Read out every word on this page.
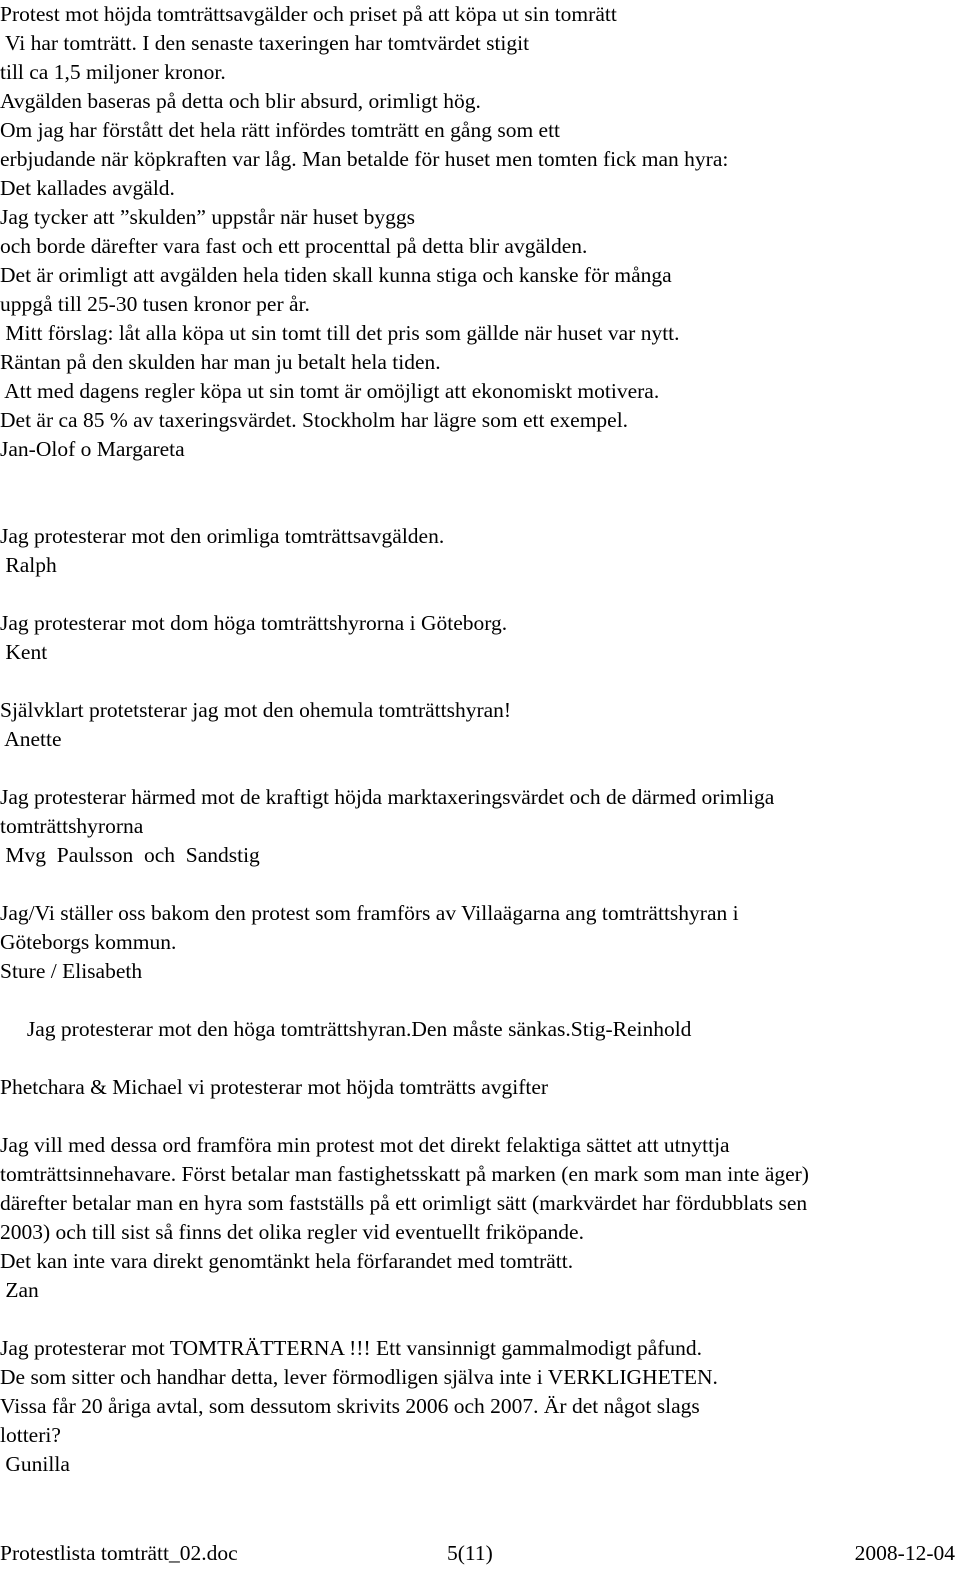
Protest mot höjda tomträttsavgälder och priset på att köpa ut sin tomrätt
Vi har tomträtt. I den senaste taxeringen har tomtvärdet stigit
till ca 1,5 miljoner kronor.
Avgälden baseras på detta och blir absurd, orimligt hög.
Om jag har förstått det hela rätt infördes tomträtt en gång som ett
erbjudande när köpkraften var låg. Man betalde för huset men tomten fick man hyra:
Det kallades avgäld.
Jag tycker att ”skulden” uppstår när huset byggs
och borde därefter vara fast och ett procenttal på detta blir avgälden.
Det är orimligt att avgälden hela tiden skall kunna stiga och kanske för många
uppgå till 25-30 tusen kronor per år.
Mitt förslag: låt alla köpa ut sin tomt till det pris som gällde när huset var nytt.
Räntan på den skulden har man ju betalt hela tiden.
Att med dagens regler köpa ut sin tomt är omöjligt att ekonomiskt motivera.
Det är ca 85 % av taxeringsvärdet. Stockholm har lägre som ett exempel.
Jan-Olof o Margareta
Jag protesterar mot den orimliga tomträttsavgälden.
Ralph
Jag protesterar mot dom höga tomträttshyrorna i Göteborg.
Kent
Självklart protetsterar jag mot den ohemula tomträttshyran!
Anette
Jag protesterar härmed mot de kraftigt höjda marktaxeringsvärdet och de därmed orimliga
tomträttshyrorna
Mvg  Paulsson  och  Sandstig
Jag/Vi ställer oss bakom den protest som framförs av Villaägarna ang tomträttshyran i
Göteborgs kommun.
Sture / Elisabeth
Jag protesterar mot den höga tomträttshyran.Den måste sänkas.Stig-Reinhold
Phetchara & Michael vi protesterar mot höjda tomträtts avgifter
Jag vill med dessa ord framföra min protest mot det direkt felaktiga sättet att utnyttja
tomträttsinnehavare. Först betalar man fastighetsskatt på marken (en mark som man inte äger)
därefter betalar man en hyra som fastställs på ett orimligt sätt (markvärdet har fördubblats sen
2003) och till sist så finns det olika regler vid eventuellt friköpande.
Det kan inte vara direkt genomtänkt hela förfarandet med tomträtt.
Zan
Jag protesterar mot TOMTRÄTTERNA !!! Ett vansinnigt gammalmodigt påfund.
De som sitter och handhar detta, lever förmodligen själva inte i VERKLIGHETEN.
Vissa får 20 åriga avtal, som dessutom skrivits 2006 och 2007. Är det något slags
lotteri?
Gunilla
Protestlista tomträtt_02.doc	5(11)	2008-12-04
